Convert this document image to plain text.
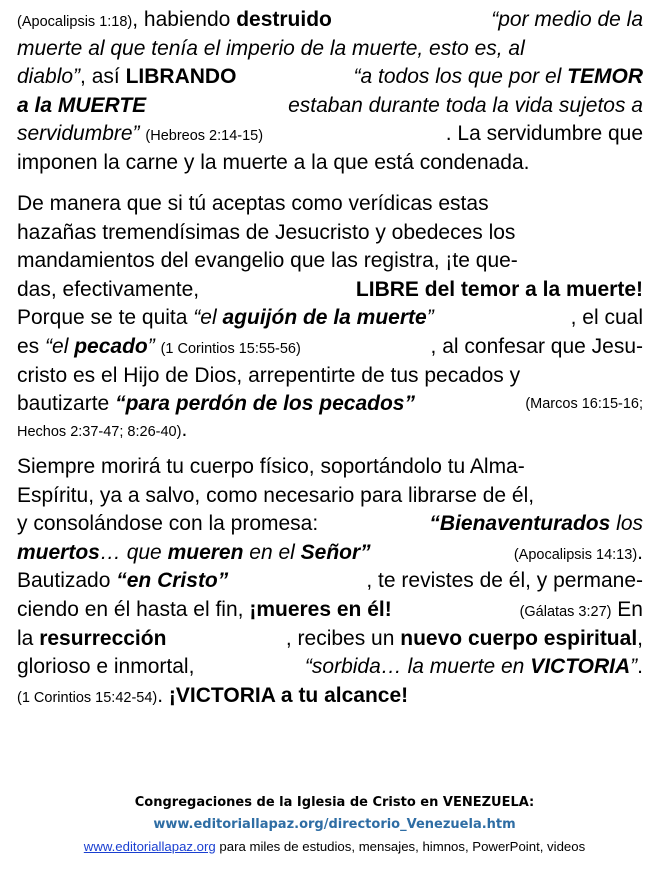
(Apocalipsis 1:18), habiendo destruido	“por medio de la
muerte al que tenía el imperio de la muerte, esto es, al
diablo”, así LIBRANDO	“a todos los que por el TEMOR
a la MUERTE	estaban durante toda la vida sujetos a
servidumbre” (Hebreos 2:14-15)	. La servidumbre que
imponen la carne y la muerte a la que está condenada.
De manera que si tú aceptas como verídicas estas
hazañas tremendísimas de Jesucristo y obedeces los
mandamientos del evangelio que las registra, ¡te que-
das, efectivamente,	LIBRE del temor a la muerte!
Porque se te quita “el aguijón de la muerte”	, el cual
es “el pecado” (1 Corintios 15:55-56)	, al confesar que Jesu-
cristo es el Hijo de Dios, arrepentirte de tus pecados y
bautizarte “para perdón de los pecados”	(Marcos 16:15-16;
Hechos 2:37-47; 8:26-40).
Siempre morirá tu cuerpo físico, soportándolo tu Alma-
Espíritu, ya a salvo, como necesario para librarse de él,
y consolándose con la promesa:	“Bienaventurados los
muertos… que mueren en el Señor”	(Apocalipsis 14:13).
Bautizado “en Cristo”	, te revistes de él, y permane-
ciendo en él hasta el fin, ¡mueres en él!	(Gálatas 3:27) En
la resurrección	, recibes un nuevo cuerpo espiritual,
glorioso e inmortal,	“sorbida… la muerte en VICTORIA”.
(1 Corintios 15:42-54). ¡VICTORIA a tu alcance!
Congregaciones de la Iglesia de Cristo en VENEZUELA:
www.editoriallapaz.org/directorio_Venezuela.htm
www.editoriallapaz.org para miles de estudios, mensajes, himnos, PowerPoint, videos
